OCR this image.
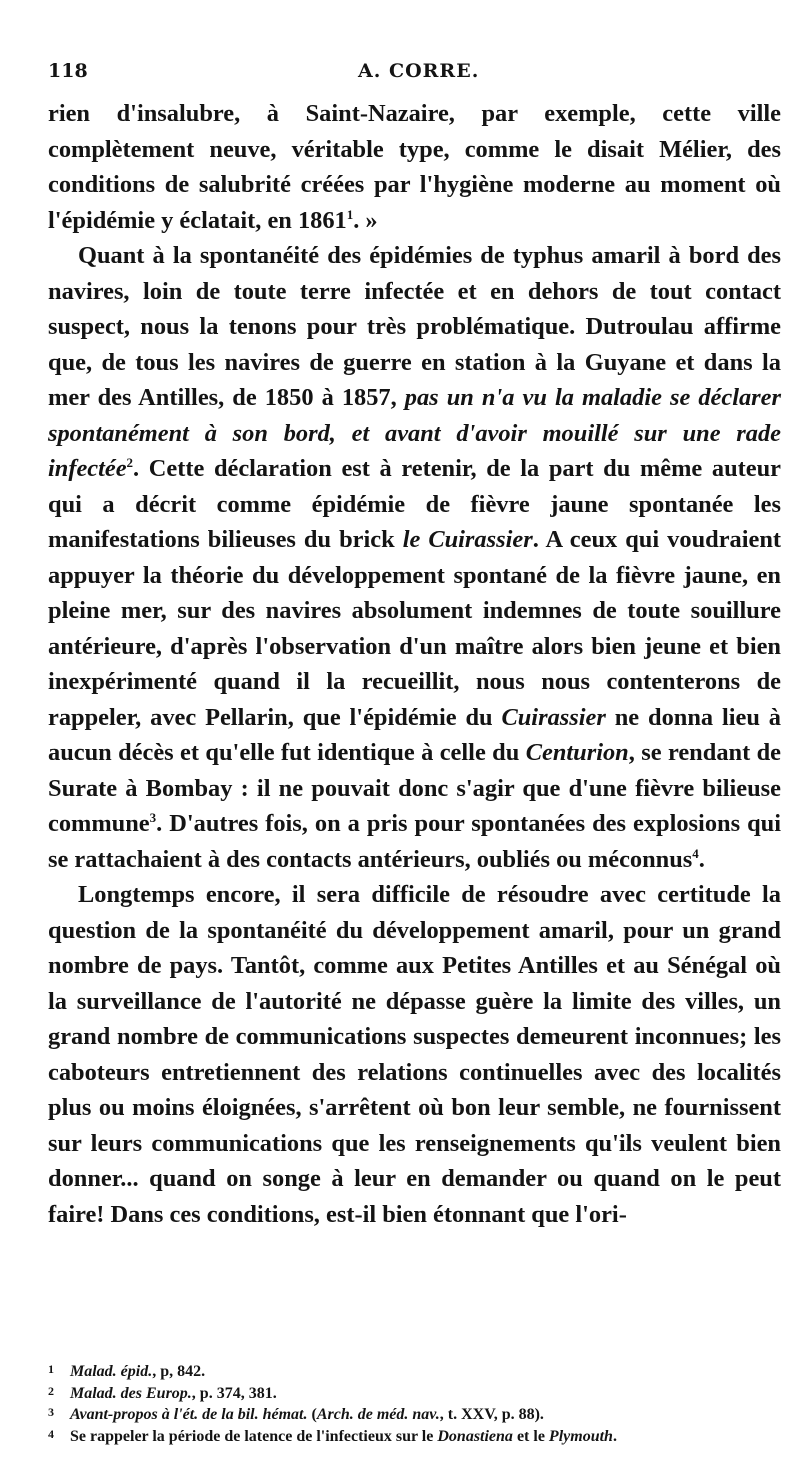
118	A. CORRE.

rien d'insalubre, à Saint-Nazaire, par exemple, cette ville complètement neuve, véritable type, comme le disait Mélier, des conditions de salubrité créées par l'hygiène moderne au moment où l'épidémie y éclatait, en 1861$^1$. »

Quant à la spontanéité des épidémies de typhus amaril à bord des navires, loin de toute terre infectée et en dehors de tout contact suspect, nous la tenons pour très problématique. Dutroulau affirme que, de tous les navires de guerre en station à la Guyane et dans la mer des Antilles, de 1850 à 1857, pas un n'a vu la maladie se déclarer spontanément à son bord, et avant d'avoir mouillé sur une rade infectée$^2$. Cette déclaration est à retenir, de la part du même auteur qui a décrit comme épidémie de fièvre jaune spontanée les manifestations bilieuses du brick le Cuirassier. A ceux qui voudraient appuyer la théorie du développement spontané de la fièvre jaune, en pleine mer, sur des navires absolument indemnes de toute souillure antérieure, d'après l'observation d'un maître alors bien jeune et bien inexpérimenté quand il la recueillit, nous nous contenterons de rappeler, avec Pellarin, que l'épidémie du Cuirassier ne donna lieu à aucun décès et qu'elle fut identique à celle du Centurion, se rendant de Surate à Bombay : il ne pouvait donc s'agir que d'une fièvre bilieuse commune$^3$. D'autres fois, on a pris pour spontanées des explosions qui se rattachaient à des contacts antérieurs, oubliés ou méconnus$^4$.

Longtemps encore, il sera difficile de résoudre avec certitude la question de la spontanéité du développement amaril, pour un grand nombre de pays. Tantôt, comme aux Petites Antilles et au Sénégal où la surveillance de l'autorité ne dépasse guère la limite des villes, un grand nombre de communications suspectes demeurent inconnues; les caboteurs entretiennent des relations continuelles avec des localités plus ou moins éloignées, s'arrêtent où bon leur semble, ne fournissent sur leurs communications que les renseignements qu'ils veulent bien donner... quand on songe à leur en demander ou quand on le peut faire! Dans ces conditions, est-il bien étonnant que l'ori-

1 Malad. épid., p, 842.

2 Malad. des Europ., p. 374, 381.

3 Avant-propos à l'ét. de la bil. hémat. (Arch. de méd. nav., t. XXV, p. 88).

4 Se rappeler la période de latence de l'infectieux sur le Donastiena et le Plymouth.
